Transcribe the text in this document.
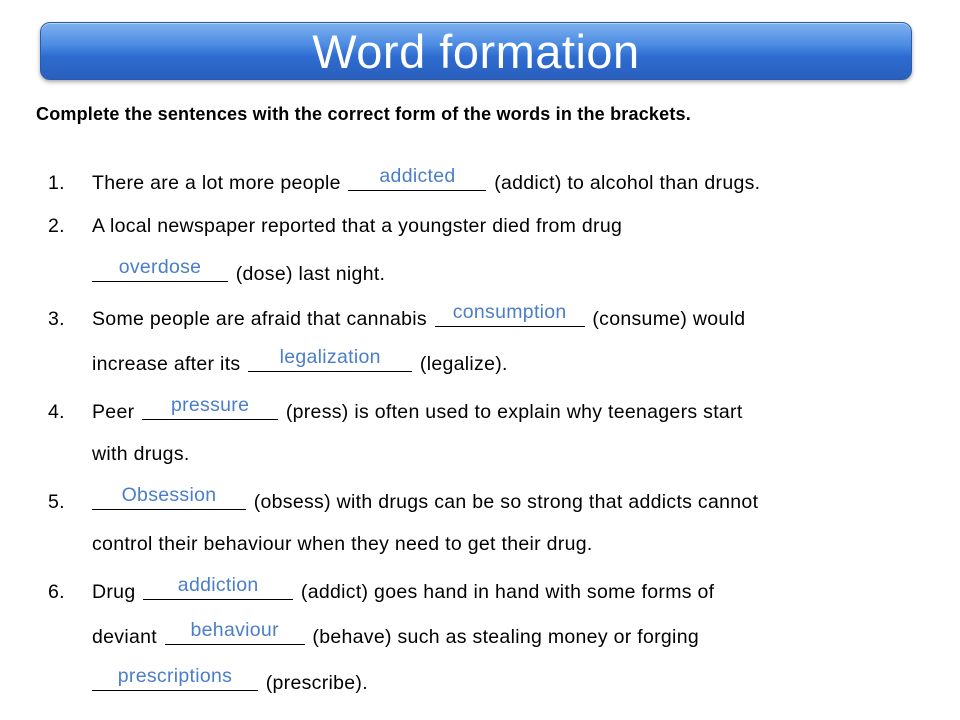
Word formation
Complete the sentences with the correct form of the words in the brackets.
1. There are a lot more people	addicted	(addict) to alcohol than drugs.
2. A local newspaper reported that a youngster died from drug
overdose	(dose) last night.
3. Some people are afraid that cannabis	consumption	(consume) would
increase after its	legalization	(legalize).
4. Peer	pressure	(press) is often used to explain why teenagers start
with drugs.
5.	Obsession	(obsess) with drugs can be so strong that addicts cannot
control their behaviour when they need to get their drug.
6. Drug	addiction	(addict) goes hand in hand with some forms of
deviant	behaviour	(behave) such as stealing money or forging
prescriptions	(prescribe).
